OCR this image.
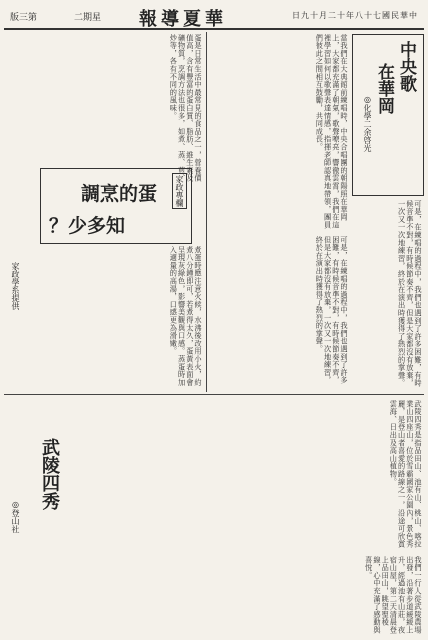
版三第	二期星 報導夏華	日九十月二十年八十七國民華中
中央歌
在華岡
◎化學二余啓光
當我們在大典館前練唱時，中央合唱團的朝陽照在華岡上，大家都充滿了朝氣，歌聲嘹亮，響徹雲霄，我們在這裡學習如何以歌聲表達情感，指揮老師認真地帶領，團員們彼此之間相互鼓勵，共同成長。
可是，在練唱的過程中，我們也遇到了許多困難，有時候音準不對，有時候節奏不齊，但是大家都沒有放棄，一次又一次地練習，終於在演出時獲得了熱烈的掌聲。
可是，在練唱的過程中，我們也遇到了許多困難，有時候音準不對，有時候節奏不齊，但是大家都沒有放棄，一次又一次地練習，終於在演出時獲得了熱烈的掌聲。
蛋是日常生活中最常見的食品之一，營養價值高，含有豐富的蛋白質、脂肪、維生素及礦物質，烹調方法也很多，如煮、蒸、煎、炒等，各有不同的風味。
調烹的蛋
？少多知
家政專欄
煮蛋時應注意火候，水沸後改用小火，約煮八分鐘即可，若煮得太久，蛋黃表面會呈現灰綠色，影響美觀與口感。蒸蛋時加入適量的高湯，口感更為滑嫩。
家政學系提供
武陵四秀是指品田山、池有山、桃山、喀拉業山四座山，位於雪霸國家公園內，景色秀麗，是登山者喜愛的路線之一，沿途可欣賞雲海、日出及高山植物。
武陵四秀
◎登山社
我們一行人從武陵農場出發，沿著步道緩緩上升，經過池有山莊，夜宿山屋，第二天清晨登上品田山，眺望聖稜線，心中充滿了感動與喜悅。
